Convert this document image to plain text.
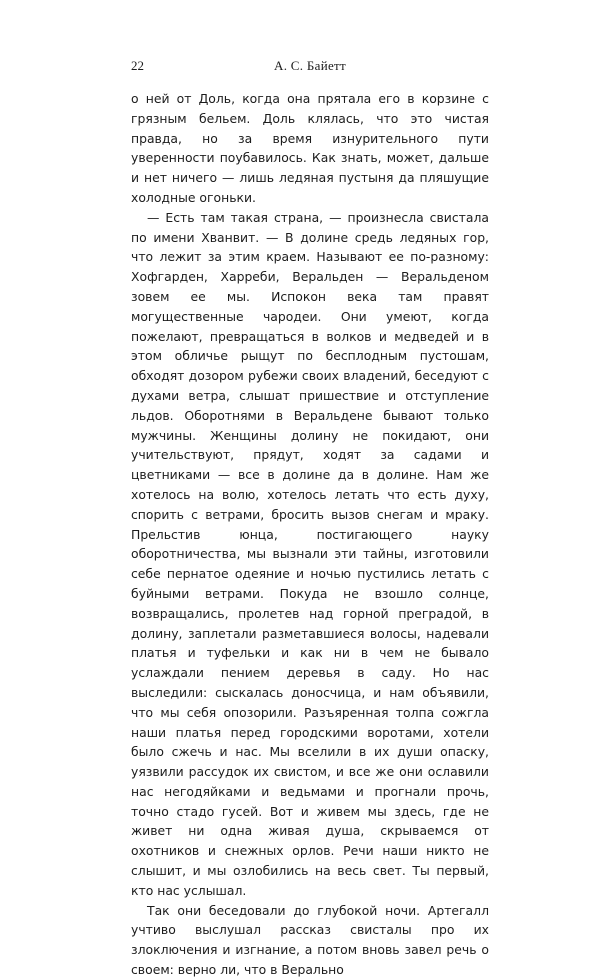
22	А. С. Байетт

о ней от Доль, когда она прятала его в корзине с грязным бельем. Доль клялась, что это чистая правда, но за время изнурительного пути уверенности поубавилось. Как знать, может, дальше и нет ничего — лишь ледяная пустыня да пляшущие холодные огоньки.

— Есть там такая страна, — произнесла свистала по имени Хванвит. — В долине средь ледяных гор, что лежит за этим краем. Называют ее по-разному: Хофгарден, Харреби, Веральден — Веральденом зовем ее мы. Испокон века там правят могущественные чародеи. Они умеют, когда пожелают, превращаться в волков и медведей и в этом обличье рыщут по бесплодным пустошам, обходят дозором рубежи своих владений, беседуют с духами ветра, слышат пришествие и отступление льдов. Оборотнями в Веральдене бывают только мужчины. Женщины долину не покидают, они учительствуют, прядут, ходят за садами и цветниками — все в долине да в долине. Нам же хотелось на волю, хотелось летать что есть духу, спорить с ветрами, бросить вызов снегам и мраку. Прельстив юнца, постигающего науку оборотничества, мы вызнали эти тайны, изготовили себе пернатое одеяние и ночью пустились летать с буйными ветрами. Покуда не взошло солнце, возвращались, пролетев над горной преградой, в долину, заплетали разметавшиеся волосы, надевали платья и туфельки и как ни в чем не бывало услаждали пением деревья в саду. Но нас выследили: сыскалась доносчица, и нам объявили, что мы себя опозорили. Разъяренная толпа сожгла наши платья перед городскими воротами, хотели было сжечь и нас. Мы вселили в их души опаску, уязвили рассудок их свистом, и все же они ославили нас негодяйками и ведьмами и прогнали прочь, точно стадо гусей. Вот и живем мы здесь, где не живет ни одна живая душа, скрываемся от охотников и снежных орлов. Речи наши никто не слышит, и мы озлобились на весь свет. Ты первый, кто нас услышал.

Так они беседовали до глубокой ночи. Артегалл учтиво выслушал рассказ свисталы про их злоключения и изгнание, а потом вновь завел речь о своем: верно ли, что в Верально
